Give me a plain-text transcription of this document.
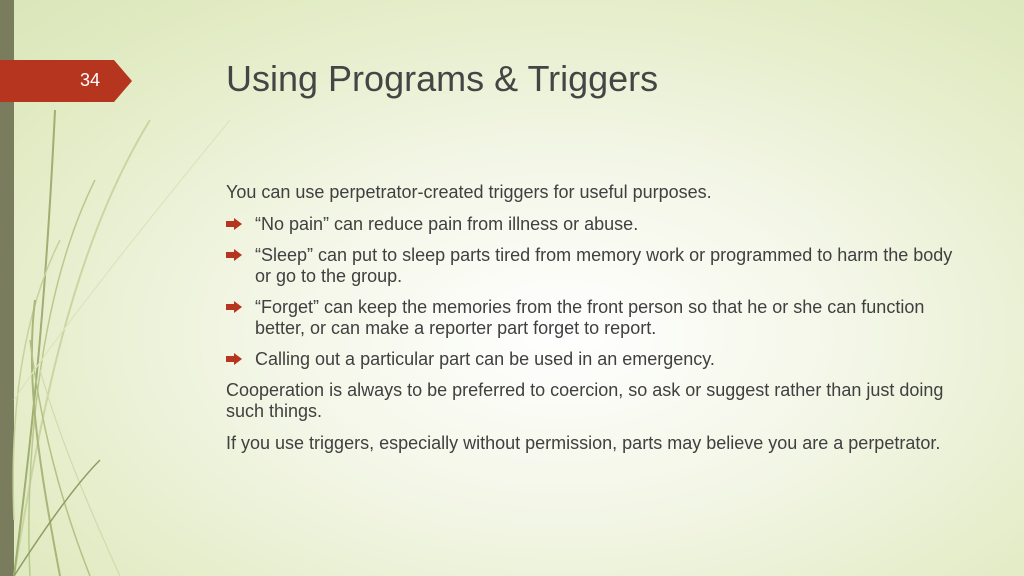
34	Using Programs & Triggers

You can use perpetrator-created triggers for useful purposes.

“No pain” can reduce pain from illness or abuse.
“Sleep” can put to sleep parts tired from memory work or programmed to harm the body or go to the group.
“Forget” can keep the memories from the front person so that he or she can function better, or can make a reporter part forget to report.
Calling out a particular part can be used in an emergency.

Cooperation is always to be preferred to coercion, so ask or suggest rather than just doing such things.

If you use triggers, especially without permission, parts may believe you are a perpetrator.
